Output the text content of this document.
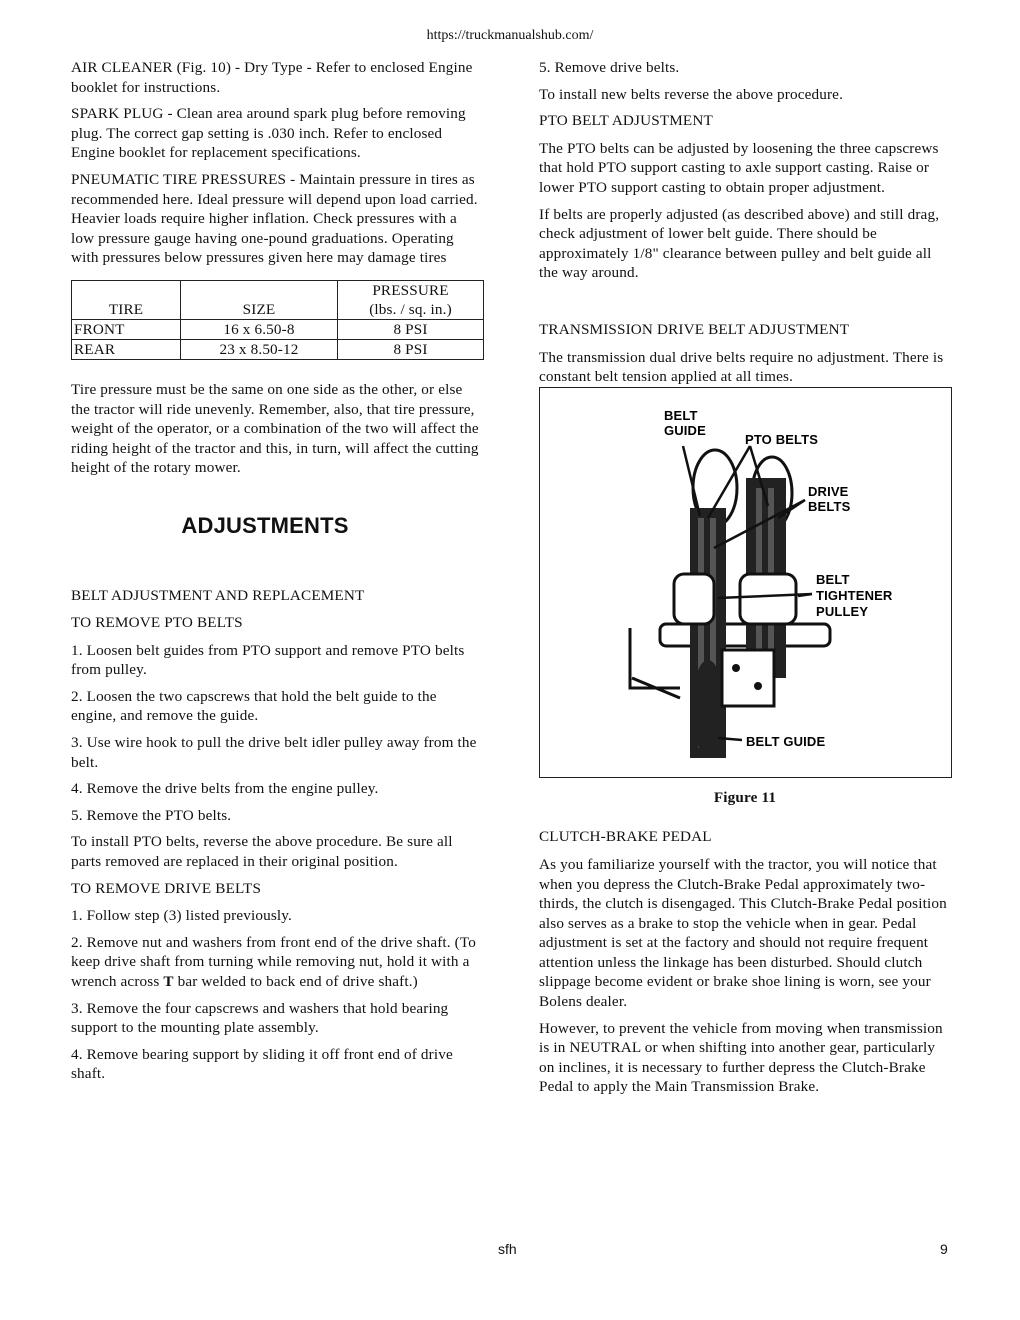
https://truckmanualshub.com/

AIR CLEANER (Fig. 10) - Dry Type - Refer to enclosed Engine booklet for instructions.

SPARK PLUG - Clean area around spark plug before removing plug. The correct gap setting is .030 inch. Refer to enclosed Engine booklet for replacement specifications.

PNEUMATIC TIRE PRESSURES - Maintain pressure in tires as recommended here. Ideal pressure will depend upon load carried. Heavier loads require higher inflation. Check pressures with a low pressure gauge having one-pound graduations. Operating with pressures below pressures given here may damage tires

TIRE	SIZE	PRESSURE
(lbs. / sq. in.)
FRONT	16 x 6.50-8	8 PSI
REAR	23 x 8.50-12	8 PSI

Tire pressure must be the same on one side as the other, or else the tractor will ride unevenly. Remember, also, that tire pressure, weight of the operator, or a combination of the two will affect the riding height of the tractor and this, in turn, will affect the cutting height of the rotary mower.

ADJUSTMENTS

BELT ADJUSTMENT AND REPLACEMENT

TO REMOVE PTO BELTS

1. Loosen belt guides from PTO support and remove PTO belts from pulley.

2. Loosen the two capscrews that hold the belt guide to the engine, and remove the guide.

3. Use wire hook to pull the drive belt idler pulley away from the belt.

4. Remove the drive belts from the engine pulley.

5. Remove the PTO belts.

To install PTO belts, reverse the above procedure. Be sure all parts removed are replaced in their original position.

TO REMOVE DRIVE BELTS

1. Follow step (3) listed previously.

2. Remove nut and washers from front end of the drive shaft. (To keep drive shaft from turning while removing nut, hold it with a wrench across T bar welded to back end of drive shaft.)

3. Remove the four capscrews and washers that hold bearing support to the mounting plate assembly.

4. Remove bearing support by sliding it off front end of drive shaft.

5. Remove drive belts.

To install new belts reverse the above procedure.

PTO BELT ADJUSTMENT

The PTO belts can be adjusted by loosening the three capscrews that hold PTO support casting to axle support casting. Raise or lower PTO support casting to obtain proper adjustment.

If belts are properly adjusted (as described above) and still drag, check adjustment of lower belt guide. There should be approximately 1/8" clearance between pulley and belt guide all the way around.

TRANSMISSION DRIVE BELT ADJUSTMENT

The transmission dual drive belts require no adjustment. There is constant belt tension applied at all times.

BELT
GUIDE
PTO BELTS
DRIVE
BELTS
BELT
TIGHTENER
PULLEY
BELT GUIDE
Figure 11

CLUTCH-BRAKE PEDAL

As you familiarize yourself with the tractor, you will notice that when you depress the Clutch-Brake Pedal approximately two-thirds, the clutch is disengaged. This Clutch-Brake Pedal position also serves as a brake to stop the vehicle when in gear. Pedal adjustment is set at the factory and should not require frequent attention unless the linkage has been disturbed. Should clutch slippage become evident or brake shoe lining is worn, see your Bolens dealer.

However, to prevent the vehicle from moving when transmission is in NEUTRAL or when shifting into another gear, particularly on inclines, it is necessary to further depress the Clutch-Brake Pedal to apply the Main Transmission Brake.

sfh	9
